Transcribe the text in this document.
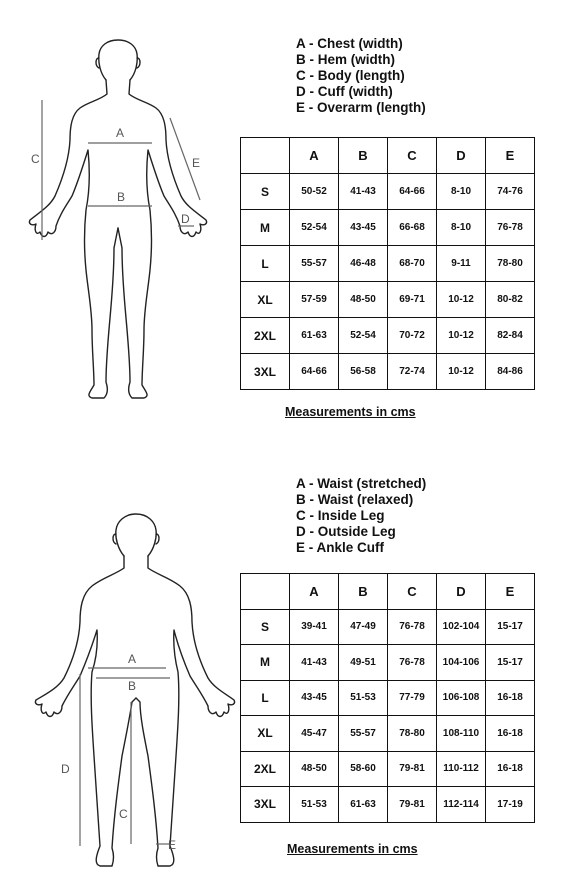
A
B
C
D
E
A - Chest (width)
B - Hem (width)
C - Body (length)
D - Cuff (width)
E - Overarm (length)
	A	B	C	D	E
S	50-52	41-43	64-66	8-10	74-76
M	52-54	43-45	66-68	8-10	76-78
L	55-57	46-48	68-70	9-11	78-80
XL	57-59	48-50	69-71	10-12	80-82
2XL	61-63	52-54	70-72	10-12	82-84
3XL	64-66	56-58	72-74	10-12	84-86
Measurements in cms
A
B
C
D
E
A - Waist (stretched)
B - Waist (relaxed)
C - Inside Leg
D - Outside Leg
E - Ankle Cuff
	A	B	C	D	E
S	39-41	47-49	76-78	102-104	15-17
M	41-43	49-51	76-78	104-106	15-17
L	43-45	51-53	77-79	106-108	16-18
XL	45-47	55-57	78-80	108-110	16-18
2XL	48-50	58-60	79-81	110-112	16-18
3XL	51-53	61-63	79-81	112-114	17-19
Measurements in cms
